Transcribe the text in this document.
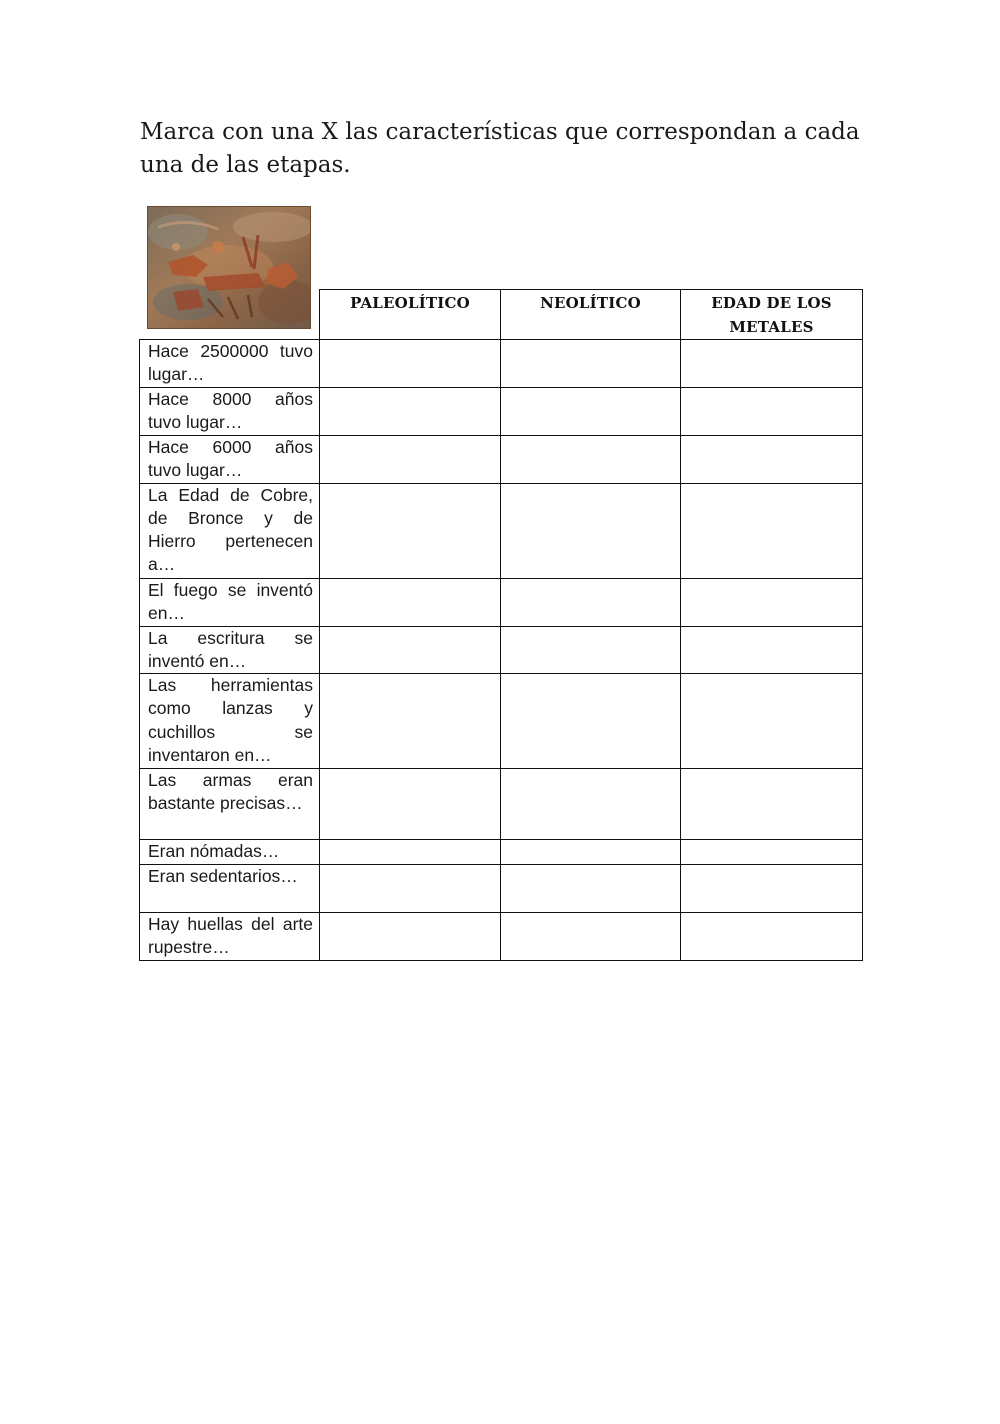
Marca con una X las características que correspondan a cada una de las etapas.

	PALEOLÍTICO	NEOLÍTICO	EDAD DE LOS METALES
Hace 2500000 tuvo lugar…			
Hace 8000 años tuvo lugar…			
Hace 6000 años tuvo lugar…			
La Edad de Cobre, de Bronce y de Hierro pertenecen a…			
El fuego se inventó en…			
La escritura se inventó en…			
Las herramientas como lanzas y cuchillos se inventaron en…			
Las armas eran bastante precisas…			
Eran nómadas…			
Eran sedentarios…			
Hay huellas del arte rupestre…			
